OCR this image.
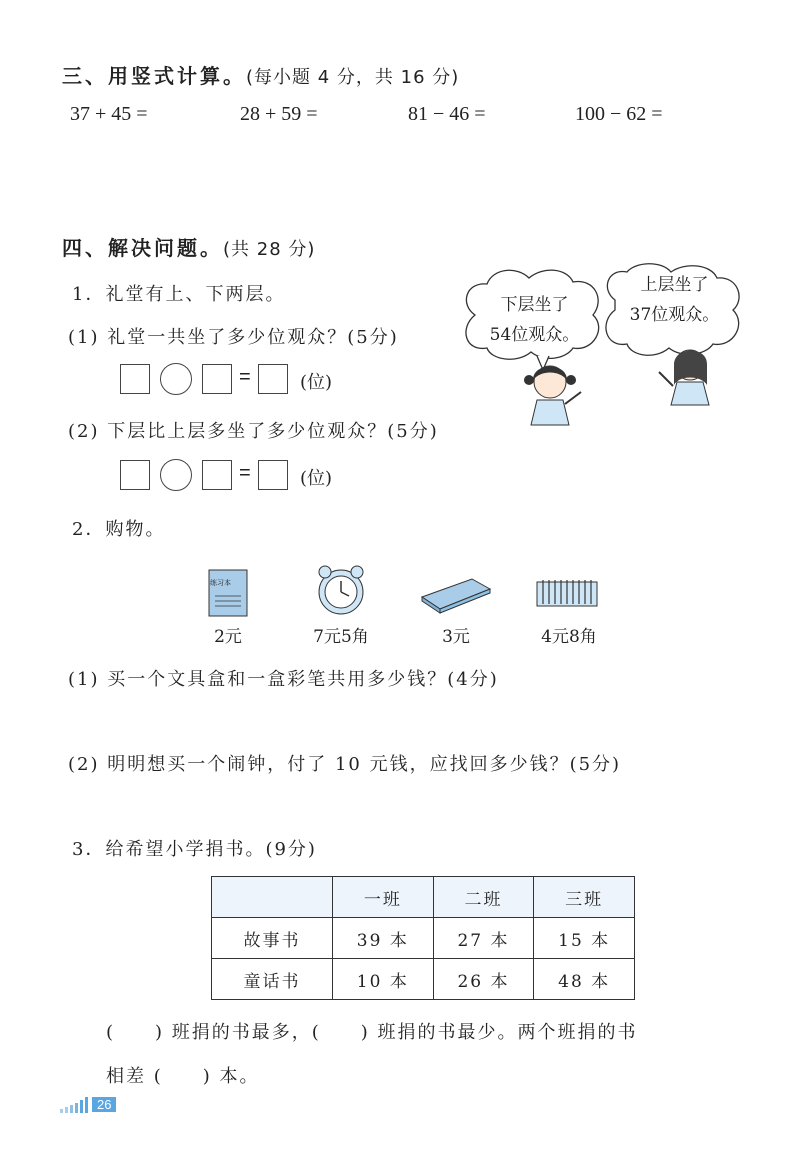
三、用竖式计算。(每小题 4 分，共 16 分)
37 + 45 =	28 + 59 =	81 − 46 =	100 − 62 =
四、解决问题。(共 28 分)
1．礼堂有上、下两层。
(1) 礼堂一共坐了多少位观众？(5分)
=	(位)
(2) 下层比上层多坐了多少位观众？(5分)
=	(位)
下层坐了
54位观众。
上层坐了
37位观众。
2．购物。
练习本
2元	7元5角	3元	4元8角
(1) 买一个文具盒和一盒彩笔共用多少钱？(4分)
(2) 明明想买一个闹钟，付了 10 元钱，应找回多少钱？(5分)
3．给希望小学捐书。(9分)
	一班	二班	三班
故事书	39 本	27 本	15 本
童话书	10 本	26 本	48 本
(　　) 班捐的书最多，(　　) 班捐的书最少。两个班捐的书
相差 (　　) 本。
26
